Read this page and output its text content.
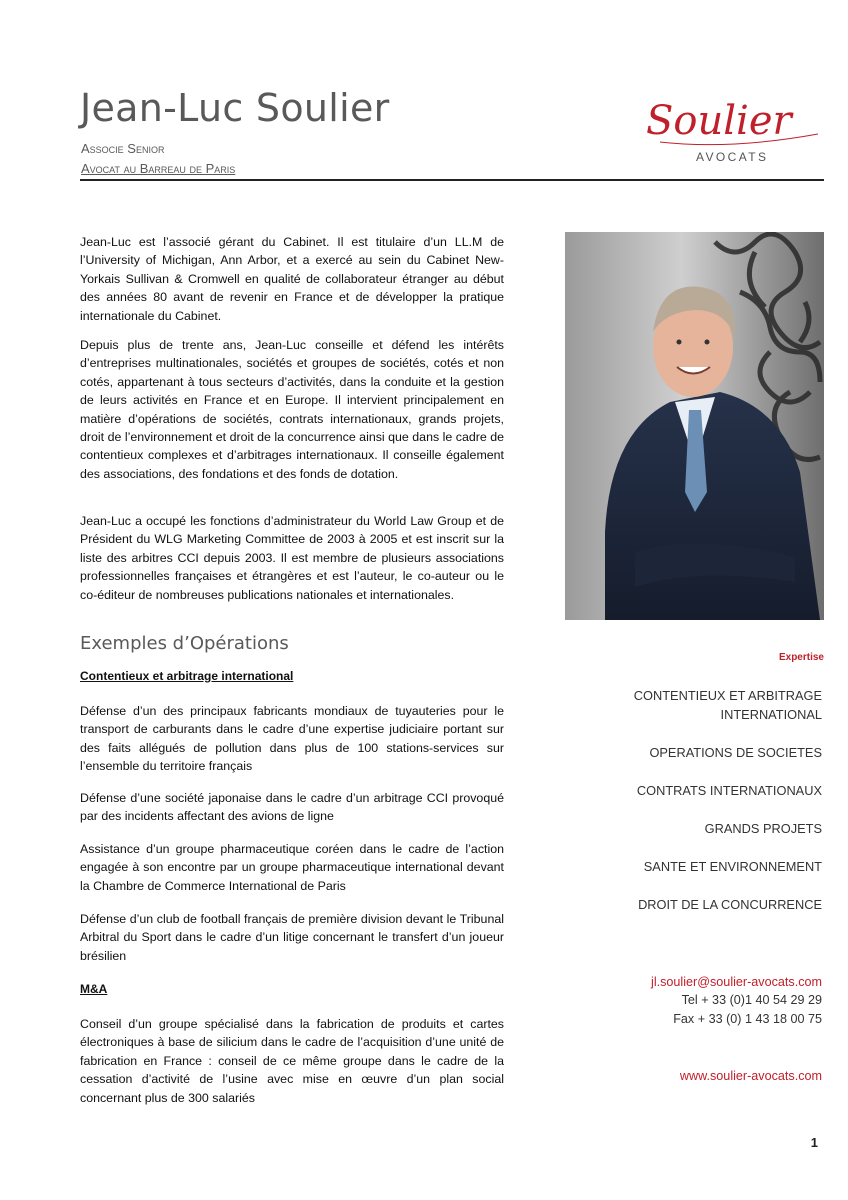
Jean-Luc Soulier
Associe Senior
Avocat au Barreau de Paris
Soulier
AVOCATS
Jean-Luc est l’associé gérant du Cabinet. Il est titulaire d’un LL.M de l’University of Michigan, Ann Arbor, et a exercé au sein du Cabinet New-Yorkais Sullivan & Cromwell en qualité de collaborateur étranger au début des années 80 avant de revenir en France et de développer la pratique internationale du Cabinet.
Depuis plus de trente ans, Jean-Luc conseille et défend les intérêts d’entreprises multinationales, sociétés et groupes de sociétés, cotés et non cotés, appartenant à tous secteurs d’activités, dans la conduite et la gestion de leurs activités en France et en Europe. Il intervient principalement en matière d’opérations de sociétés, contrats internationaux, grands projets, droit de l’environnement et droit de la concurrence ainsi que dans le cadre de contentieux complexes et d’arbitrages internationaux. Il conseille également des associations, des fondations et des fonds de dotation.
Jean-Luc a occupé les fonctions d’administrateur du World Law Group et de Président du WLG Marketing Committee de 2003 à 2005 et est inscrit sur la liste des arbitres CCI depuis 2003. Il est membre de plusieurs associations professionnelles françaises et étrangères et est l’auteur, le co-auteur ou le co-éditeur de nombreuses publications nationales et internationales.
Exemples d’Opérations
Contentieux et arbitrage international
Défense d’un des principaux fabricants mondiaux de tuyauteries pour le transport de carburants dans le cadre d’une expertise judiciaire portant sur des faits allégués de pollution dans plus de 100 stations-services sur l’ensemble du territoire français
Défense d’une société japonaise dans le cadre d’un arbitrage CCI provoqué par des incidents affectant des avions de ligne
Assistance d’un groupe pharmaceutique coréen dans le cadre de l’action engagée à son encontre par un groupe pharmaceutique international devant la Chambre de Commerce International de Paris
Défense d’un club de football français de première division devant le Tribunal Arbitral du Sport dans le cadre d’un litige concernant le transfert d’un joueur brésilien
M&A
Conseil d’un groupe spécialisé dans la fabrication de produits et cartes électroniques à base de silicium dans le cadre de l’acquisition d’une unité de fabrication en France : conseil de ce même groupe dans le cadre de la cessation d’activité de l’usine avec mise en œuvre d’un plan social concernant plus de 300 salariés
Expertise
CONTENTIEUX ET ARBITRAGE INTERNATIONAL
OPERATIONS DE SOCIETES
CONTRATS INTERNATIONAUX
GRANDS PROJETS
SANTE ET ENVIRONNEMENT
DROIT DE LA CONCURRENCE
jl.soulier@soulier-avocats.com
Tel + 33 (0)1 40 54 29 29
Fax + 33 (0) 1 43 18 00 75
www.soulier-avocats.com
1
